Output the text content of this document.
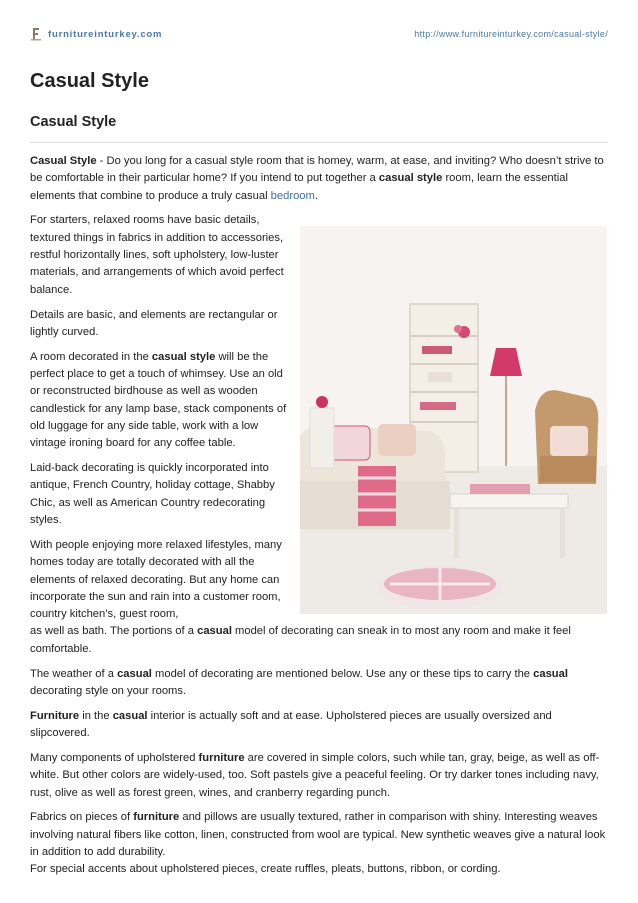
furnitureinturkey.com	http://www.furnitureinturkey.com/casual-style/
Casual Style
Casual Style

Casual Style - Do you long for a casual style room that is homey, warm, at ease, and inviting? Who doesn’t strive to be comfortable in their particular home? If you intend to put together a casual style room, learn the essential elements that combine to produce a truly casual bedroom.

For starters, relaxed rooms have basic details, textured things in fabrics in addition to accessories, restful horizontally lines, soft upholstery, low-luster materials, and arrangements of which avoid perfect balance.

Details are basic, and elements are rectangular or lightly curved.

A room decorated in the casual style will be the perfect place to get a touch of whimsey. Use an old or reconstructed birdhouse as well as wooden candlestick for any lamp base, stack components of old luggage for any side table, work with a low vintage ironing board for any coffee table.

Laid-back decorating is quickly incorporated into antique, French Country, holiday cottage, Shabby Chic, as well as American Country redecorating styles.

With people enjoying more relaxed lifestyles, many homes today are totally decorated with all the elements of relaxed decorating. But any home can incorporate the sun and rain into a customer room, country kitchen’s, guest room,
as well as bath. The portions of a casual model of decorating can sneak in to most any room and make it feel comfortable.

The weather of a casual model of decorating are mentioned below. Use any or these tips to carry the casual decorating style on your rooms.

Furniture in the casual interior is actually soft and at ease. Upholstered pieces are usually oversized and slipcovered.

Many components of upholstered furniture are covered in simple colors, such while tan, gray, beige, as well as off-white. But other colors are widely-used, too. Soft pastels give a peaceful feeling. Or try darker tones including navy, rust, olive as well as forest green, wines, and cranberry regarding punch.

Fabrics on pieces of furniture and pillows are usually textured, rather in comparison with shiny. Interesting weaves involving natural fibers like cotton, linen, constructed from wool are typical. New synthetic weaves give a natural look in addition to add durability.
For special accents about upholstered pieces, create ruffles, pleats, buttons, ribbon, or cording.
